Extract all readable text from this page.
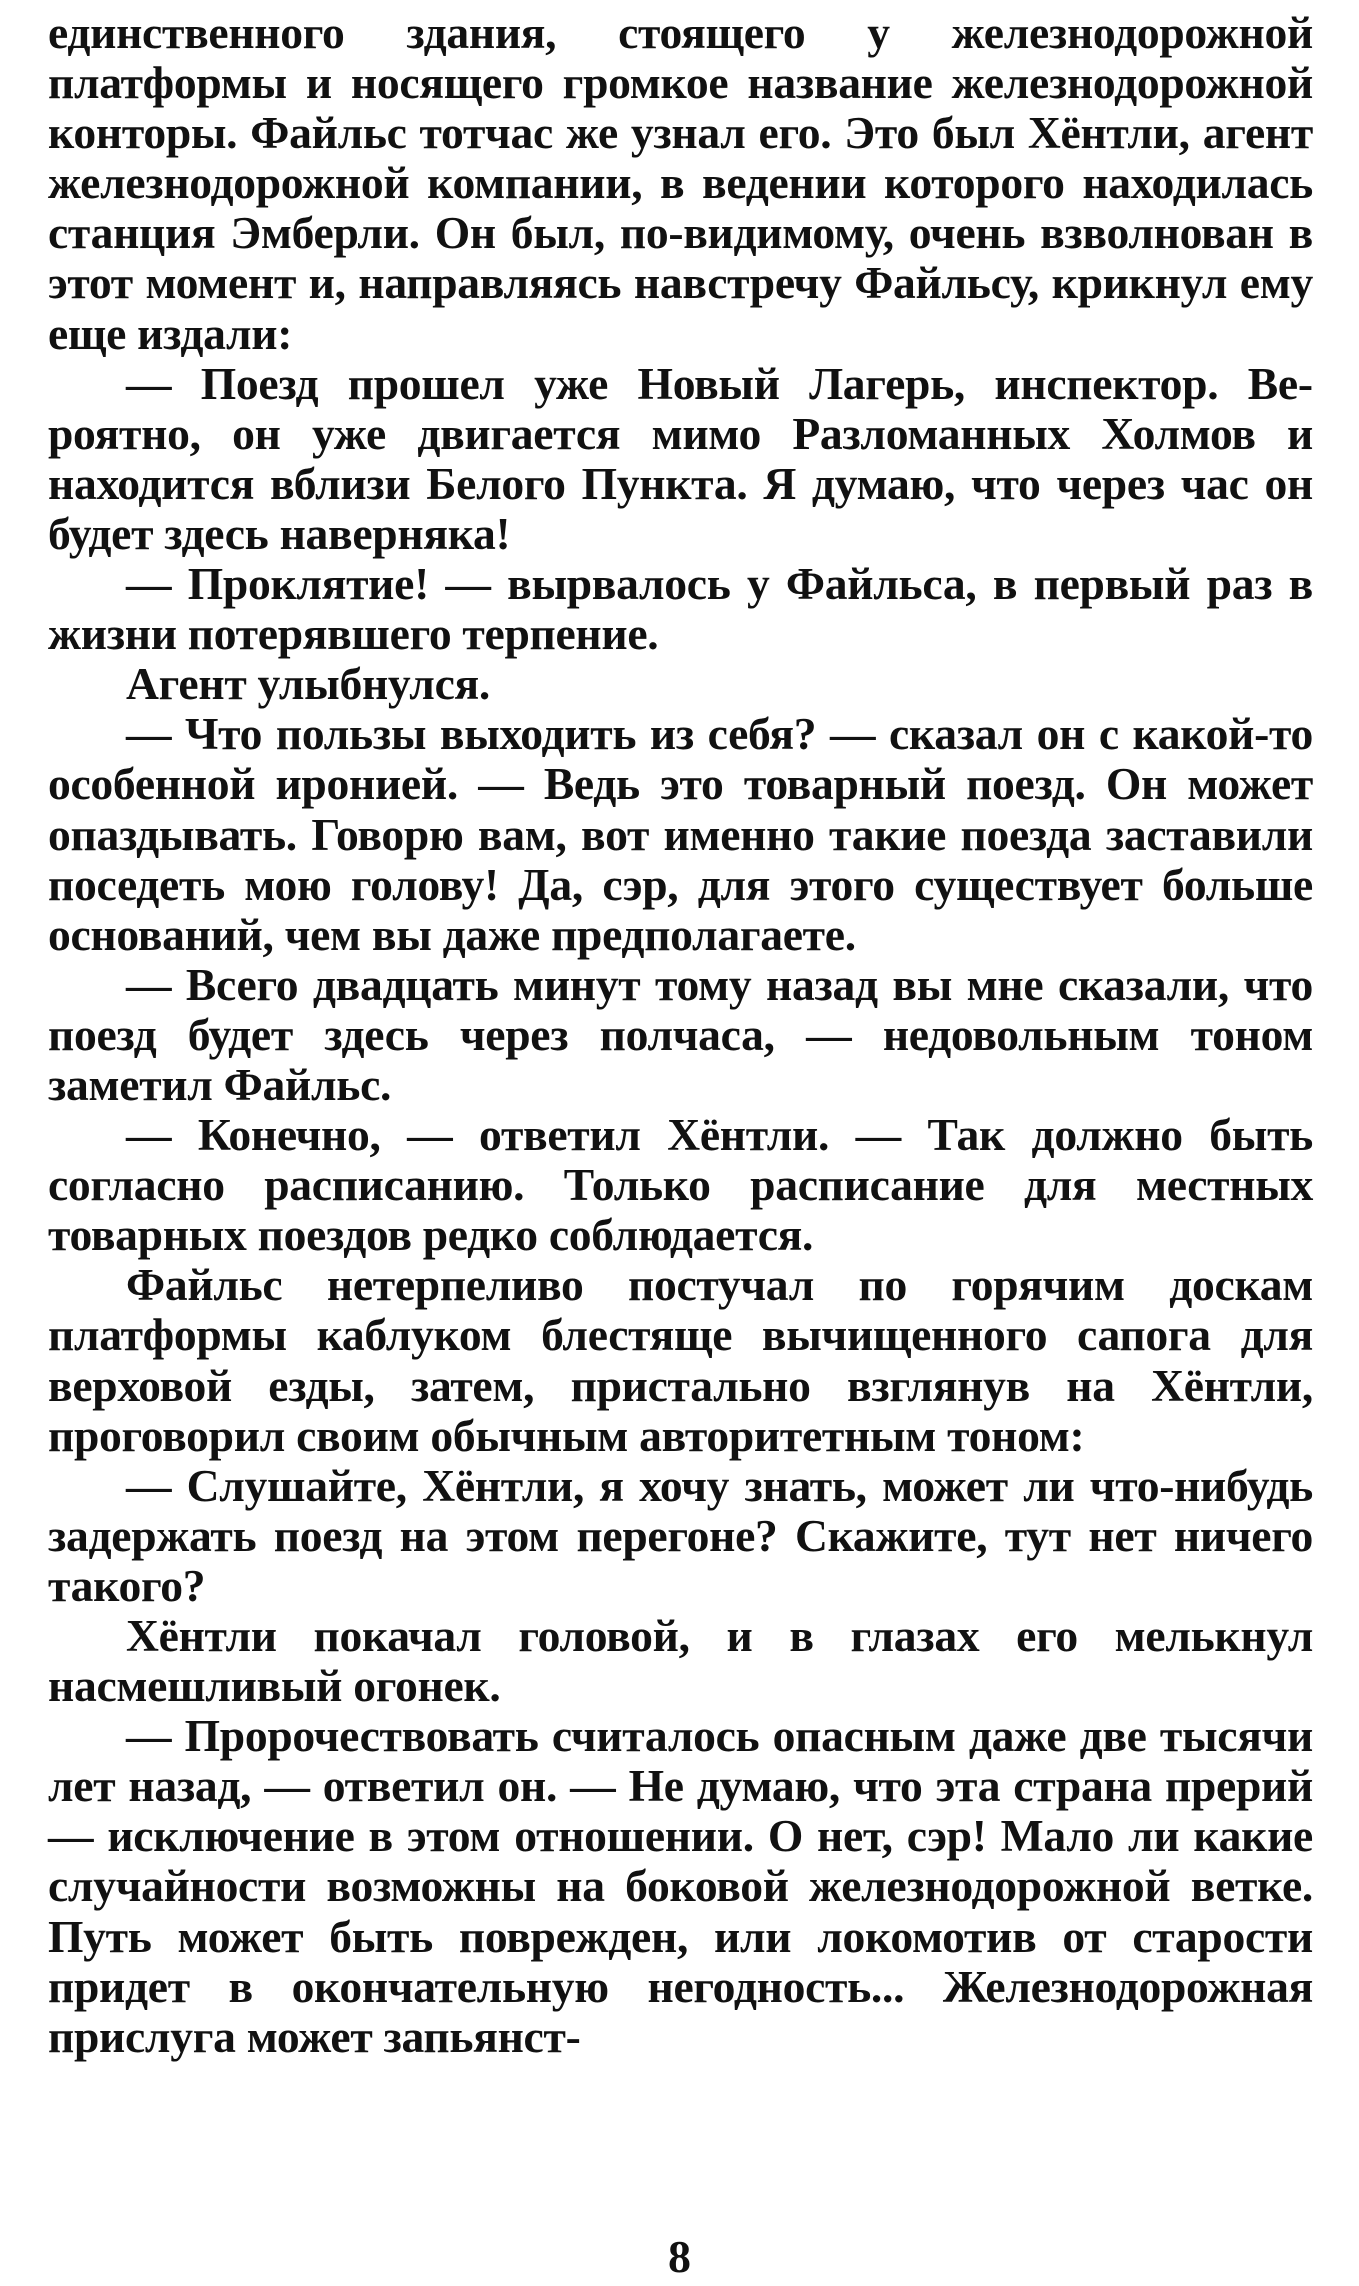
единственного здания, стоящего у железнодорожной платформы и носящего громкое название железнодорожной конторы. Файльс тотчас же узнал его. Это был Хёнтли, агент железнодорожной компании, в ведении которого находилась станция Эмберли. Он был, по-видимому, очень взволнован в этот момент и, направляясь навстречу Файльсу, крикнул ему еще издали:

— Поезд прошел уже Новый Лагерь, инспектор. Вероятно, он уже двигается мимо Разломанных Холмов и находится вблизи Белого Пункта. Я думаю, что через час он будет здесь наверняка!

— Проклятие! — вырвалось у Файльса, в первый раз в жизни потерявшего терпение.

Агент улыбнулся.

— Что пользы выходить из себя? — сказал он с какой-то особенной иронией. — Ведь это товарный поезд. Он может опаздывать. Говорю вам, вот именно такие поезда заставили поседеть мою голову! Да, сэр, для этого существует больше оснований, чем вы даже предполагаете.

— Всего двадцать минут тому назад вы мне сказали, что поезд будет здесь через полчаса, — недовольным тоном заметил Файльс.

— Конечно, — ответил Хёнтли. — Так должно быть согласно расписанию. Только расписание для местных товарных поездов редко соблюдается.

Файльс нетерпеливо постучал по горячим доскам платформы каблуком блестяще вычищенного сапога для верховой езды, затем, пристально взглянув на Хёнтли, проговорил своим обычным авторитетным тоном:

— Слушайте, Хёнтли, я хочу знать, может ли что-нибудь задержать поезд на этом перегоне? Скажите, тут нет ничего такого?

Хёнтли покачал головой, и в глазах его мелькнул насмешливый огонек.

— Пророчествовать считалось опасным даже две тысячи лет назад, — ответил он. — Не думаю, что эта страна прерий — исключение в этом отношении. О нет, сэр! Мало ли какие случайности возможны на боковой железнодорожной ветке. Путь может быть поврежден, или локомотив от старости придет в окончательную негодность... Железнодорожная прислуга может запьянст-

8
